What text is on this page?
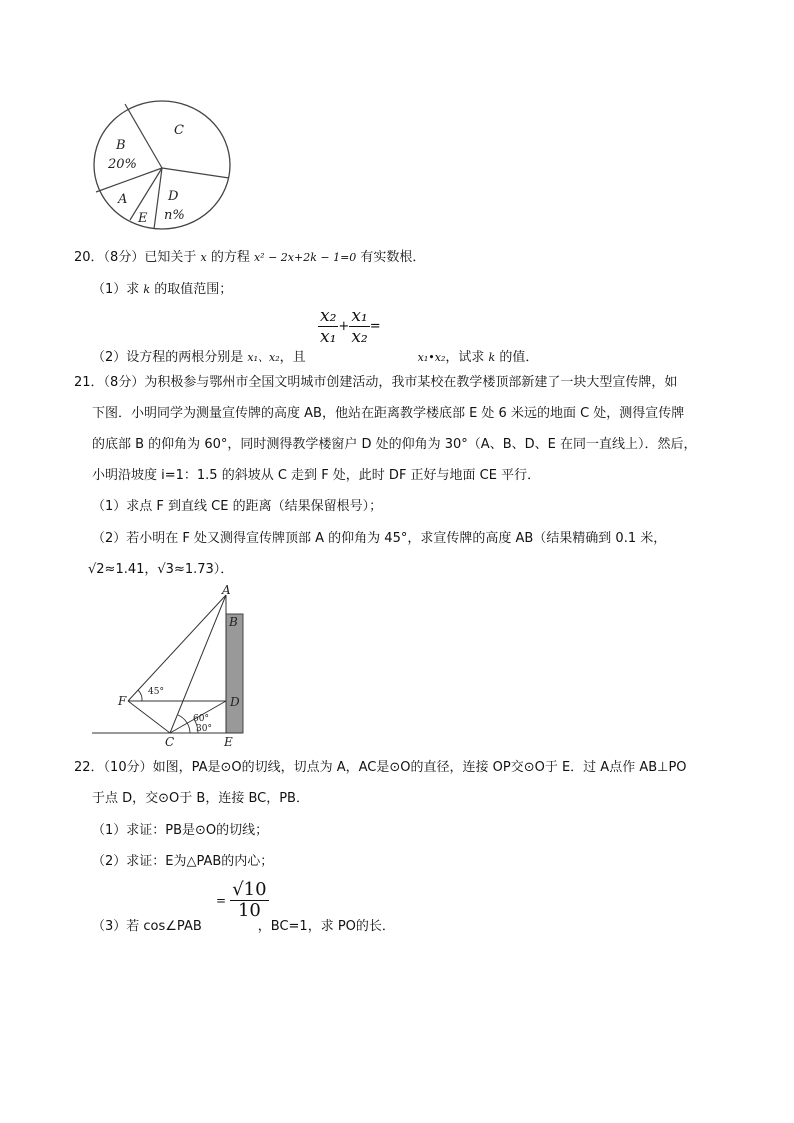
C
B
20%
A
E
D
n%
20．（8分）已知关于 x 的方程 x² − 2x+2k − 1=0 有实数根．
（1）求 k 的取值范围；
$\frac{\text{x₂}}{\text{x₁}} + \frac{\text{x₁}}{\text{x₂}}$ =
（2）设方程的两根分别是 x₁、x₂，且	x₁•x₂，试求 k 的值．
21．（8分）为积极参与鄂州市全国文明城市创建活动，我市某校在教学楼顶部新建了一块大型宣传牌，如
下图．小明同学为测量宣传牌的高度 AB，他站在距离教学楼底部 E 处 6 米远的地面 C 处，测得宣传牌
的底部 B 的仰角为 60°，同时测得教学楼窗户 D 处的仰角为 30°（A、B、D、E 在同一直线上）．然后，
小明沿坡度 i=1：1.5 的斜坡从 C 走到 F 处，此时 DF 正好与地面 CE 平行．
（1）求点 F 到直线 CE 的距离（结果保留根号）；
（2）若小明在 F 处又测得宣传牌顶部 A 的仰角为 45°，求宣传牌的高度 AB（结果精确到 0.1 米，
√2≈1.41，√3≈1.73）．
A
B
D
E
F
C
45°
60°
30°
22．（10分）如图，PA是⊙O的切线，切点为 A，AC是⊙O的直径，连接 OP交⊙O于 E．过 A点作 AB⊥PO
于点 D，交⊙O于 B，连接 BC，PB．
（1）求证：PB是⊙O的切线；
（2）求证：E为△PAB的内心；
= $\frac{√10}{10}$
（3）若 cos∠PAB	，BC=1，求 PO的长．
